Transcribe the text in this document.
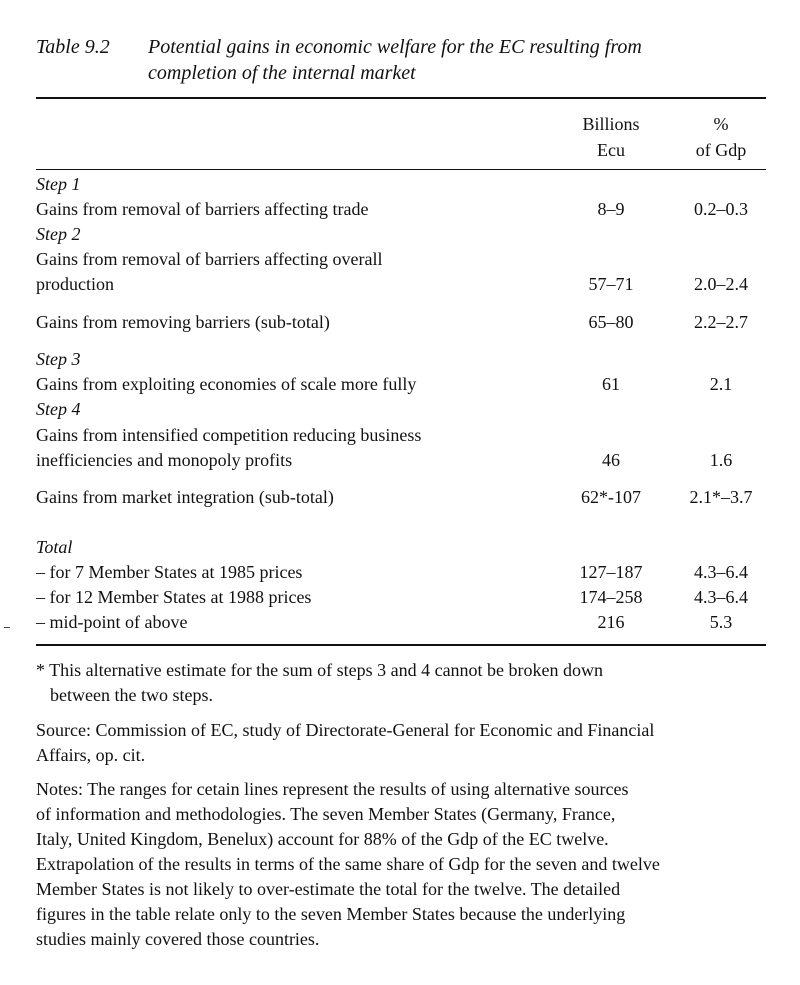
Table 9.2 Potential gains in economic welfare for the EC resulting from
completion of the internal market
Billions
Ecu
%
of Gdp
Step 1
Gains from removal of barriers affecting trade	8–9	0.2–0.3
Step 2
Gains from removal of barriers affecting overall
production	57–71	2.0–2.4
Gains from removing barriers (sub-total)	65–80	2.2–2.7
Step 3
Gains from exploiting economies of scale more fully	61	2.1
Step 4
Gains from intensified competition reducing business
inefficiencies and monopoly profits	46	1.6
Gains from market integration (sub-total)	62*-107	2.1*–3.7
Total
– for 7 Member States at 1985 prices	127–187	4.3–6.4
– for 12 Member States at 1988 prices	174–258	4.3–6.4
– mid-point of above	216	5.3
* This alternative estimate for the sum of steps 3 and 4 cannot be broken down
between the two steps.
Source: Commission of EC, study of Directorate-General for Economic and Financial
Affairs, op. cit.
Notes: The ranges for cetain lines represent the results of using alternative sources
of information and methodologies. The seven Member States (Germany, France,
Italy, United Kingdom, Benelux) account for 88% of the Gdp of the EC twelve.
Extrapolation of the results in terms of the same share of Gdp for the seven and twelve
Member States is not likely to over-estimate the total for the twelve. The detailed
figures in the table relate only to the seven Member States because the underlying
studies mainly covered those countries.
